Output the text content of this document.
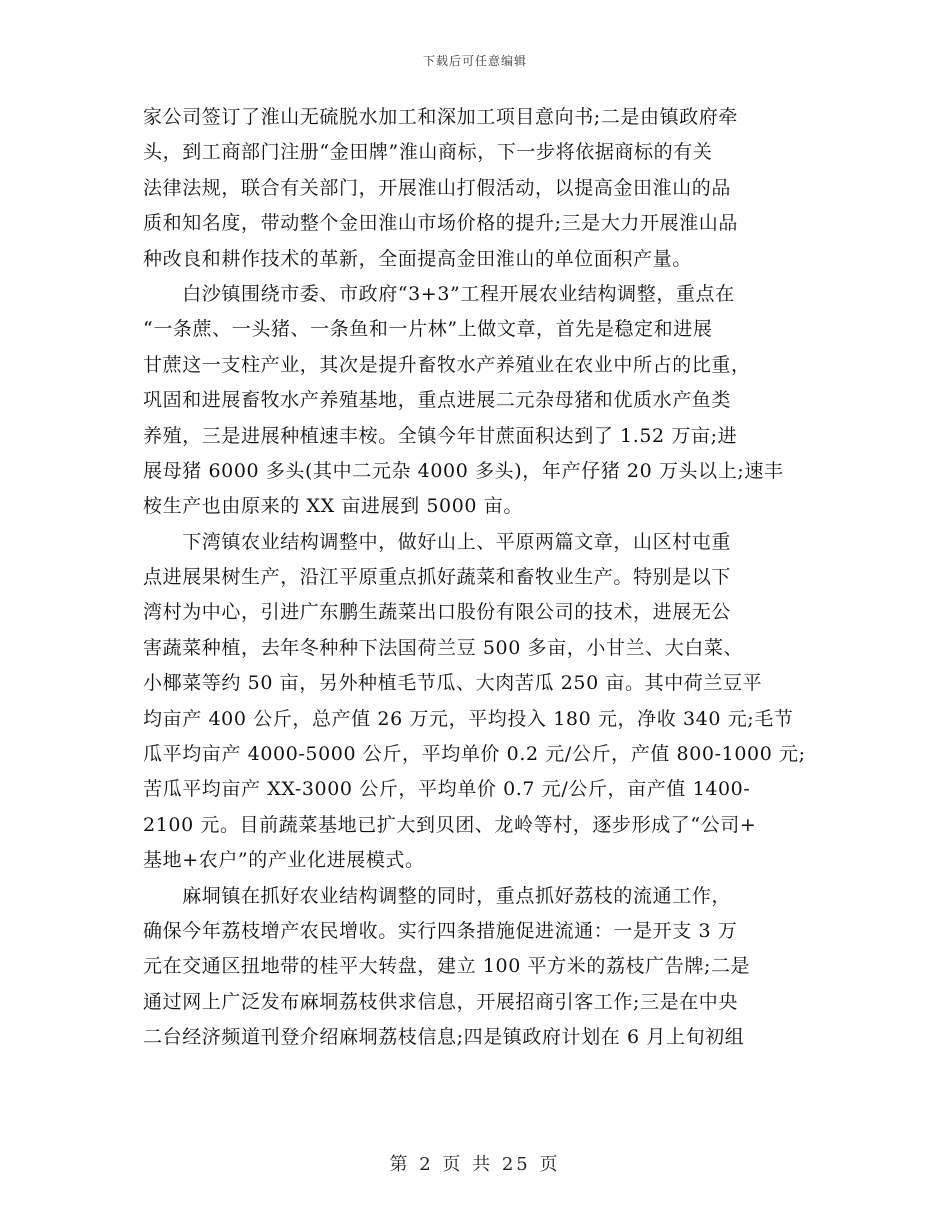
下载后可任意编辑
家公司签订了淮山无硫脱水加工和深加工项目意向书;二是由镇政府牵
头，到工商部门注册“金田牌”淮山商标，下一步将依据商标的有关
法律法规，联合有关部门，开展淮山打假活动，以提高金田淮山的品
质和知名度，带动整个金田淮山市场价格的提升;三是大力开展淮山品
种改良和耕作技术的革新，全面提高金田淮山的单位面积产量。
　　白沙镇围绕市委、市政府“3+3”工程开展农业结构调整，重点在
“一条蔗、一头猪、一条鱼和一片林”上做文章，首先是稳定和进展
甘蔗这一支柱产业，其次是提升畜牧水产养殖业在农业中所占的比重，
巩固和进展畜牧水产养殖基地，重点进展二元杂母猪和优质水产鱼类
养殖，三是进展种植速丰桉。全镇今年甘蔗面积达到了 1.52 万亩;进
展母猪 6000 多头(其中二元杂 4000 多头)，年产仔猪 20 万头以上;速丰
桉生产也由原来的 XX 亩进展到 5000 亩。
　　下湾镇农业结构调整中，做好山上、平原两篇文章，山区村屯重
点进展果树生产，沿江平原重点抓好蔬菜和畜牧业生产。特别是以下
湾村为中心，引进广东鹏生蔬菜出口股份有限公司的技术，进展无公
害蔬菜种植，去年冬种种下法国荷兰豆 500 多亩，小甘兰、大白菜、
小椰菜等约 50 亩，另外种植毛节瓜、大肉苦瓜 250 亩。其中荷兰豆平
均亩产 400 公斤，总产值 26 万元，平均投入 180 元，净收 340 元;毛节
瓜平均亩产 4000-5000 公斤，平均单价 0.2 元/公斤，产值 800-1000 元;
苦瓜平均亩产 XX-3000 公斤，平均单价 0.7 元/公斤，亩产值 1400-
2100 元。目前蔬菜基地已扩大到贝团、龙岭等村，逐步形成了“公司+
基地+农户”的产业化进展模式。
　　麻垌镇在抓好农业结构调整的同时，重点抓好荔枝的流通工作，
确保今年荔枝增产农民增收。实行四条措施促进流通：一是开支 3 万
元在交通区扭地带的桂平大转盘，建立 100 平方米的荔枝广告牌;二是
通过网上广泛发布麻垌荔枝供求信息，开展招商引客工作;三是在中央
二台经济频道刊登介绍麻垌荔枝信息;四是镇政府计划在 6 月上旬初组
第 2 页 共 25 页
